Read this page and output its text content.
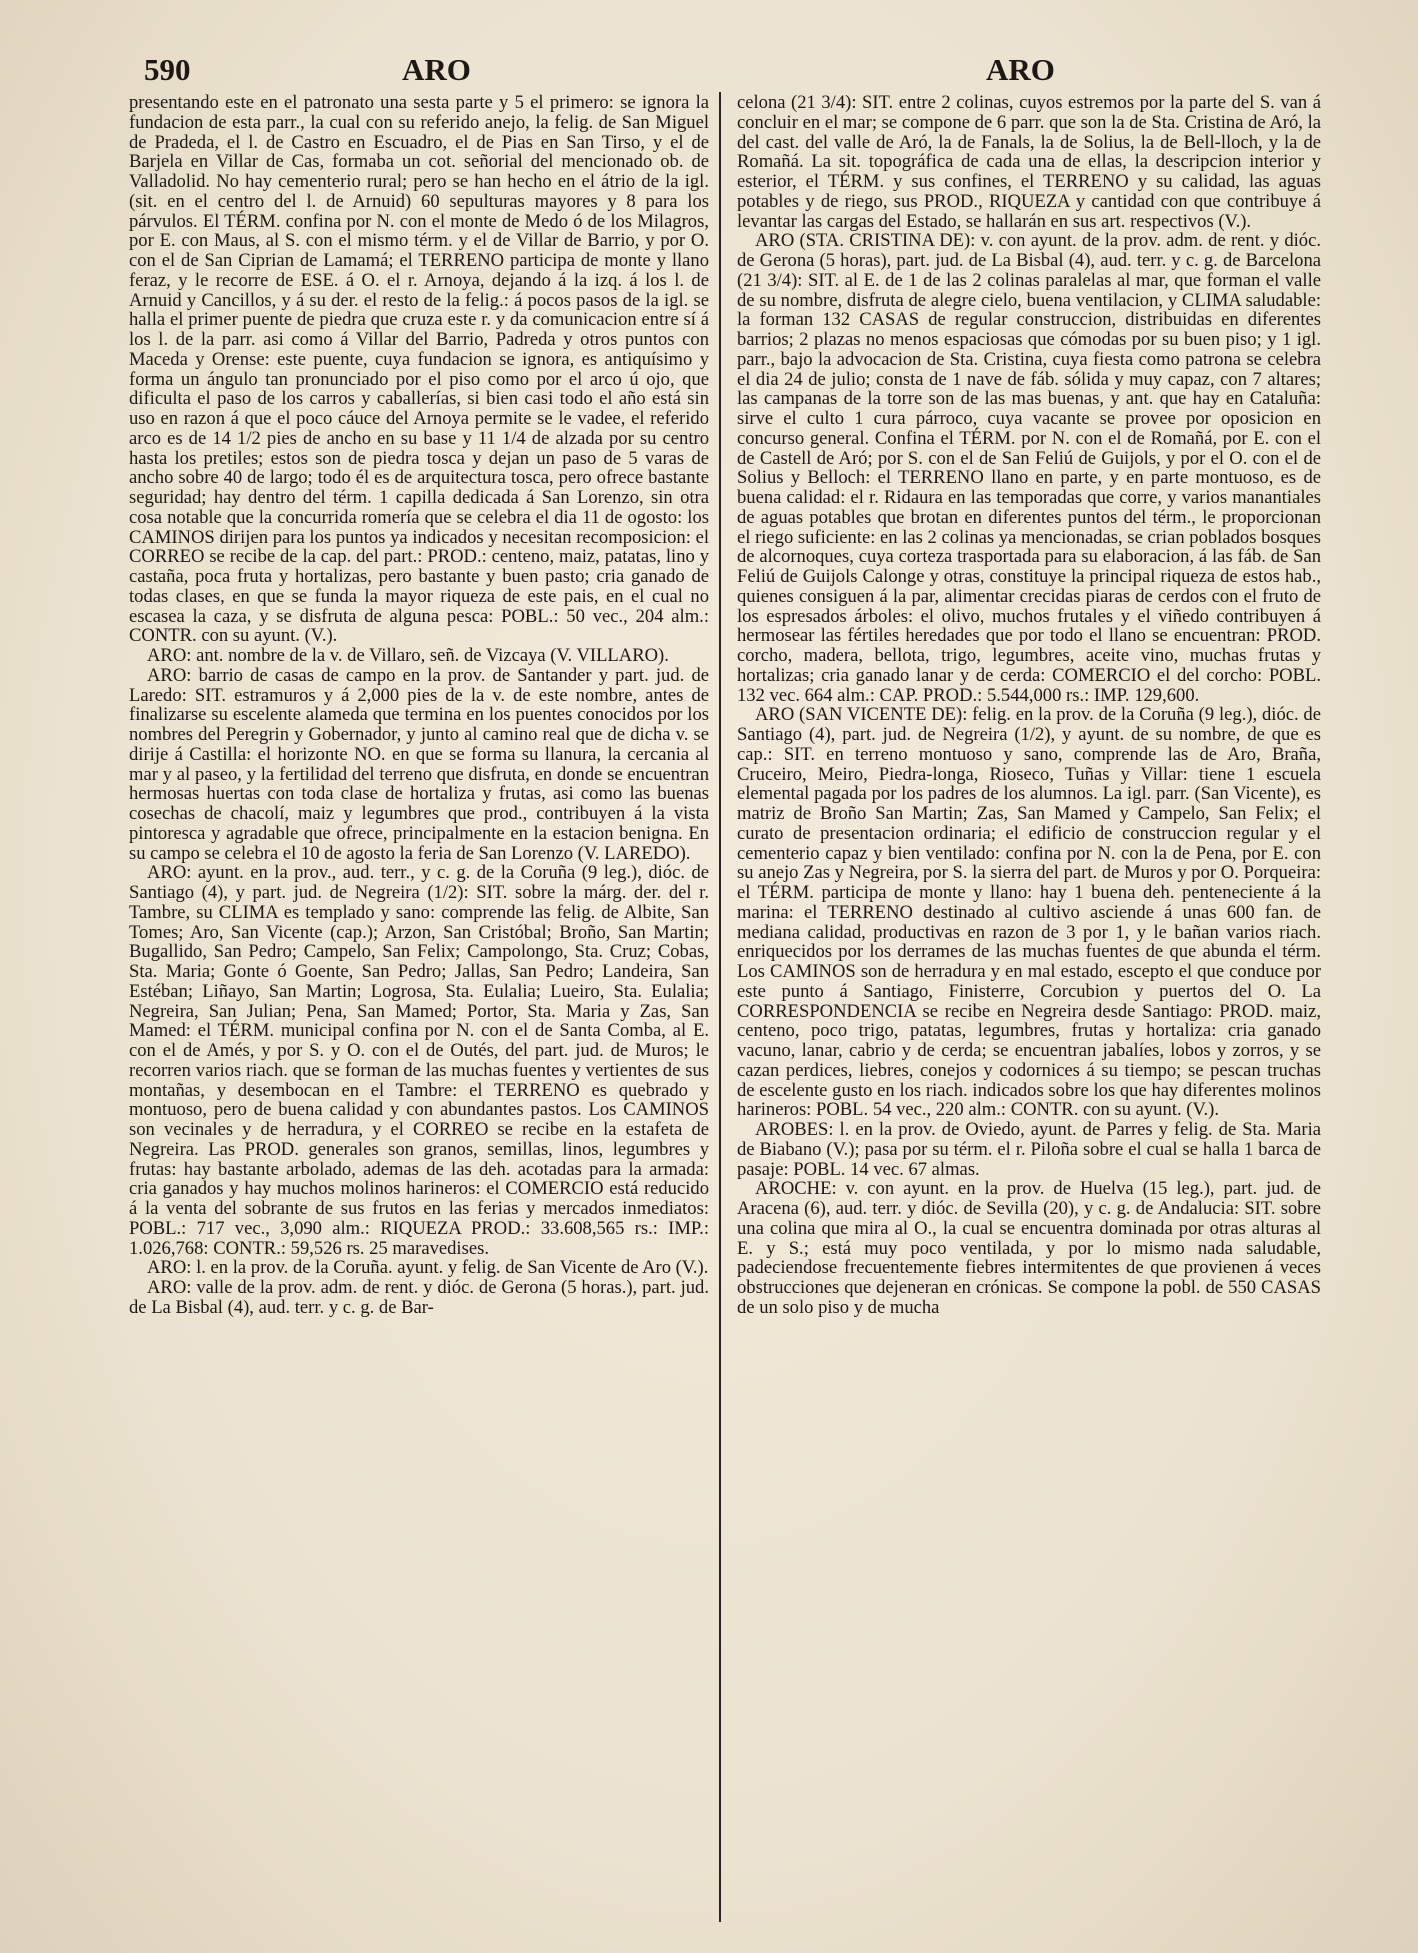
590	ARO	ARO

presentando este en el patronato una sesta parte y 5 el primero: se ignora la fundacion de esta parr., la cual con su referido anejo, la felig. de San Miguel de Pradeda, el l. de Castro en Escuadro, el de Pias en San Tirso, y el de Barjela en Villar de Cas, formaba un cot. señorial del mencionado ob. de Valladolid. No hay cementerio rural; pero se han hecho en el átrio de la igl. (sit. en el centro del l. de Arnuid) 60 sepulturas mayores y 8 para los párvulos. El TÉRM. confina por N. con el monte de Medo ó de los Milagros, por E. con Maus, al S. con el mismo térm. y el de Villar de Barrio, y por O. con el de San Ciprian de Lamamá; el TERRENO participa de monte y llano feraz, y le recorre de ESE. á O. el r. Arnoya, dejando á la izq. á los l. de Arnuid y Cancillos, y á su der. el resto de la felig.: á pocos pasos de la igl. se halla el primer puente de piedra que cruza este r. y da comunicacion entre sí á los l. de la parr. asi como á Villar del Barrio, Padreda y otros puntos con Maceda y Orense: este puente, cuya fundacion se ignora, es antiquísimo y forma un ángulo tan pronunciado por el piso como por el arco ú ojo, que dificulta el paso de los carros y caballerías, si bien casi todo el año está sin uso en razon á que el poco cáuce del Arnoya permite se le vadee, el referido arco es de 14 1/2 pies de ancho en su base y 11 1/4 de alzada por su centro hasta los pretiles; estos son de piedra tosca y dejan un paso de 5 varas de ancho sobre 40 de largo; todo él es de arquitectura tosca, pero ofrece bastante seguridad; hay dentro del térm. 1 capilla dedicada á San Lorenzo, sin otra cosa notable que la concurrida romería que se celebra el dia 11 de ogosto: los CAMINOS dirijen para los puntos ya indicados y necesitan recomposicion: el CORREO se recibe de la cap. del part.: PROD.: centeno, maiz, patatas, lino y castaña, poca fruta y hortalizas, pero bastante y buen pasto; cria ganado de todas clases, en que se funda la mayor riqueza de este pais, en el cual no escasea la caza, y se disfruta de alguna pesca: POBL.: 50 vec., 204 alm.: CONTR. con su ayunt. (V.).

ARO: ant. nombre de la v. de Villaro, señ. de Vizcaya (V. VILLARO).

ARO: barrio de casas de campo en la prov. de Santander y part. jud. de Laredo: SIT. estramuros y á 2,000 pies de la v. de este nombre, antes de finalizarse su escelente alameda que termina en los puentes conocidos por los nombres del Peregrin y Gobernador, y junto al camino real que de dicha v. se dirije á Castilla: el horizonte NO. en que se forma su llanura, la cercania al mar y al paseo, y la fertilidad del terreno que disfruta, en donde se encuentran hermosas huertas con toda clase de hortaliza y frutas, asi como las buenas cosechas de chacolí, maiz y legumbres que prod., contribuyen á la vista pintoresca y agradable que ofrece, principalmente en la estacion benigna. En su campo se celebra el 10 de agosto la feria de San Lorenzo (V. LAREDO).

ARO: ayunt. en la prov., aud. terr., y c. g. de la Coruña (9 leg.), dióc. de Santiago (4), y part. jud. de Negreira (1/2): SIT. sobre la márg. der. del r. Tambre, su CLIMA es templado y sano: comprende las felig. de Albite, San Tomes; Aro, San Vicente (cap.); Arzon, San Cristóbal; Broño, San Martin; Bugallido, San Pedro; Campelo, San Felix; Campolongo, Sta. Cruz; Cobas, Sta. Maria; Gonte ó Goente, San Pedro; Jallas, San Pedro; Landeira, San Estéban; Liñayo, San Martin; Logrosa, Sta. Eulalia; Lueiro, Sta. Eulalia; Negreira, San Julian; Pena, San Mamed; Portor, Sta. Maria y Zas, San Mamed: el TÉRM. municipal confina por N. con el de Santa Comba, al E. con el de Amés, y por S. y O. con el de Outés, del part. jud. de Muros; le recorren varios riach. que se forman de las muchas fuentes y vertientes de sus montañas, y desembocan en el Tambre: el TERRENO es quebrado y montuoso, pero de buena calidad y con abundantes pastos. Los CAMINOS son vecinales y de herradura, y el CORREO se recibe en la estafeta de Negreira. Las PROD. generales son granos, semillas, linos, legumbres y frutas: hay bastante arbolado, ademas de las deh. acotadas para la armada: cria ganados y hay muchos molinos harineros: el COMERCIO está reducido á la venta del sobrante de sus frutos en las ferias y mercados inmediatos: POBL.: 717 vec., 3,090 alm.: RIQUEZA PROD.: 33.608,565 rs.: IMP.: 1.026,768: CONTR.: 59,526 rs. 25 maravedises.

ARO: l. en la prov. de la Coruña. ayunt. y felig. de San Vicente de Aro (V.).

ARO: valle de la prov. adm. de rent. y dióc. de Gerona (5 horas.), part. jud. de La Bisbal (4), aud. terr. y c. g. de Bar-

celona (21 3/4): SIT. entre 2 colinas, cuyos estremos por la parte del S. van á concluir en el mar; se compone de 6 parr. que son la de Sta. Cristina de Aró, la del cast. del valle de Aró, la de Fanals, la de Solius, la de Bell-lloch, y la de Romañá. La sit. topográfica de cada una de ellas, la descripcion interior y esterior, el TÉRM. y sus confines, el TERRENO y su calidad, las aguas potables y de riego, sus PROD., RIQUEZA y cantidad con que contribuye á levantar las cargas del Estado, se hallarán en sus art. respectivos (V.).

ARO (STA. CRISTINA DE): v. con ayunt. de la prov. adm. de rent. y dióc. de Gerona (5 horas), part. jud. de La Bisbal (4), aud. terr. y c. g. de Barcelona (21 3/4): SIT. al E. de 1 de las 2 colinas paralelas al mar, que forman el valle de su nombre, disfruta de alegre cielo, buena ventilacion, y CLIMA saludable: la forman 132 CASAS de regular construccion, distribuidas en diferentes barrios; 2 plazas no menos espaciosas que cómodas por su buen piso; y 1 igl. parr., bajo la advocacion de Sta. Cristina, cuya fiesta como patrona se celebra el dia 24 de julio; consta de 1 nave de fáb. sólida y muy capaz, con 7 altares; las campanas de la torre son de las mas buenas, y ant. que hay en Cataluña: sirve el culto 1 cura párroco, cuya vacante se provee por oposicion en concurso general. Confina el TÉRM. por N. con el de Romañá, por E. con el de Castell de Aró; por S. con el de San Feliú de Guijols, y por el O. con el de Solius y Belloch: el TERRENO llano en parte, y en parte montuoso, es de buena calidad: el r. Ridaura en las temporadas que corre, y varios manantiales de aguas potables que brotan en diferentes puntos del térm., le proporcionan el riego suficiente: en las 2 colinas ya mencionadas, se crian poblados bosques de alcornoques, cuya corteza trasportada para su elaboracion, á las fáb. de San Feliú de Guijols Calonge y otras, constituye la principal riqueza de estos hab., quienes consiguen á la par, alimentar crecidas piaras de cerdos con el fruto de los espresados árboles: el olivo, muchos frutales y el viñedo contribuyen á hermosear las fértiles heredades que por todo el llano se encuentran: PROD. corcho, madera, bellota, trigo, legumbres, aceite vino, muchas frutas y hortalizas; cria ganado lanar y de cerda: COMERCIO el del corcho: POBL. 132 vec. 664 alm.: CAP. PROD.: 5.544,000 rs.: IMP. 129,600.

ARO (SAN VICENTE DE): felig. en la prov. de la Coruña (9 leg.), dióc. de Santiago (4), part. jud. de Negreira (1/2), y ayunt. de su nombre, de que es cap.: SIT. en terreno montuoso y sano, comprende las de Aro, Braña, Cruceiro, Meiro, Piedra-longa, Rioseco, Tuñas y Villar: tiene 1 escuela elemental pagada por los padres de los alumnos. La igl. parr. (San Vicente), es matriz de Broño San Martin; Zas, San Mamed y Campelo, San Felix; el curato de presentacion ordinaria; el edificio de construccion regular y el cementerio capaz y bien ventilado: confina por N. con la de Pena, por E. con su anejo Zas y Negreira, por S. la sierra del part. de Muros y por O. Porqueira: el TÉRM. participa de monte y llano: hay 1 buena deh. penteneciente á la marina: el TERRENO destinado al cultivo asciende á unas 600 fan. de mediana calidad, productivas en razon de 3 por 1, y le bañan varios riach. enriquecidos por los derrames de las muchas fuentes de que abunda el térm. Los CAMINOS son de herradura y en mal estado, escepto el que conduce por este punto á Santiago, Finisterre, Corcubion y puertos del O. La CORRESPONDENCIA se recibe en Negreira desde Santiago: PROD. maiz, centeno, poco trigo, patatas, legumbres, frutas y hortaliza: cria ganado vacuno, lanar, cabrio y de cerda; se encuentran jabalíes, lobos y zorros, y se cazan perdices, liebres, conejos y codornices á su tiempo; se pescan truchas de escelente gusto en los riach. indicados sobre los que hay diferentes molinos harineros: POBL. 54 vec., 220 alm.: CONTR. con su ayunt. (V.).

AROBES: l. en la prov. de Oviedo, ayunt. de Parres y felig. de Sta. Maria de Biabano (V.); pasa por su térm. el r. Piloña sobre el cual se halla 1 barca de pasaje: POBL. 14 vec. 67 almas.

AROCHE: v. con ayunt. en la prov. de Huelva (15 leg.), part. jud. de Aracena (6), aud. terr. y dióc. de Sevilla (20), y c. g. de Andalucia: SIT. sobre una colina que mira al O., la cual se encuentra dominada por otras alturas al E. y S.; está muy poco ventilada, y por lo mismo nada saludable, padeciendose frecuentemente fiebres intermitentes de que provienen á veces obstrucciones que dejeneran en crónicas. Se compone la pobl. de 550 CASAS de un solo piso y de mucha
